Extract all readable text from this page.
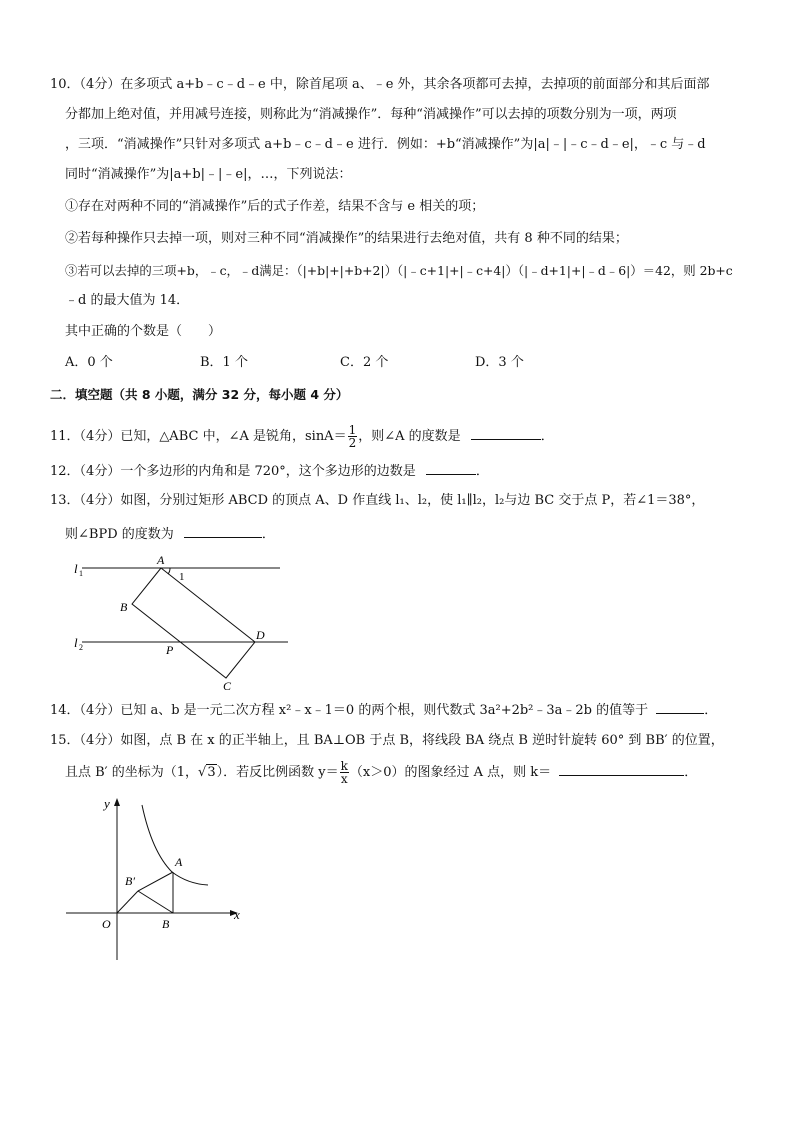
10．（4分）在多项式 a+b﹣c﹣d﹣e 中，除首尾项 a、﹣e 外，其余各项都可去掉，去掉项的前面部分和其后面部
分都加上绝对值，并用减号连接，则称此为“消减操作”．每种“消减操作”可以去掉的项数分别为一项，两项
，三项．“消减操作”只针对多项式 a+b﹣c﹣d﹣e 进行．例如：+b“消减操作”为|a|﹣|﹣c﹣d﹣e|，﹣c 与﹣d
同时“消减操作”为|a+b|﹣|﹣e|，…，下列说法：
①存在对两种不同的“消减操作”后的式子作差，结果不含与 e 相关的项；
②若每种操作只去掉一项，则对三种不同“消减操作”的结果进行去绝对值，共有 8 种不同的结果；
③若可以去掉的三项+b，﹣c，﹣d满足：（|+b|+|+b+2|）（|﹣c+1|+|﹣c+4|）（|﹣d+1|+|﹣d﹣6|）＝42，则 2b+c
﹣d 的最大值为 14．
其中正确的个数是（　　）
A．0 个	B．1 个	C．2 个	D．3 个
二．填空题（共 8 小题，满分 32 分，每小题 4 分）
11．（4分）已知，△ABC 中，∠A 是锐角，$\sin A= \frac{1}{2}$ ，则∠A 的度数是	．
12．（4分）一个多边形的内角和是 720°，这个多边形的边数是	．
13．（4分）如图，分别过矩形 ABCD 的顶点 A、D 作直线 l₁、l₂，使 l₁∥l₂，l₂与边 BC 交于点 P，若∠1＝38°，
则∠BPD 的度数为	．
l 1
l 2
A
1
B
D
P
C
14．（4分）已知 a、b 是一元二次方程 x²﹣x﹣1＝0 的两个根，则代数式 3a²+2b²﹣3a﹣2b 的值等于	．
15．（4分）如图，点 B 在 x 的正半轴上，且 BA⊥OB 于点 B，将线段 BA 绕点 B 逆时针旋转 60° 到 BB′ 的位置，
且点 B′ 的坐标为（1，√3）．若反比例函数 $y= \frac{k}{x} (x>0)$的图象经过 A 点，则 k＝	．
y
x
O
A
B
B′
